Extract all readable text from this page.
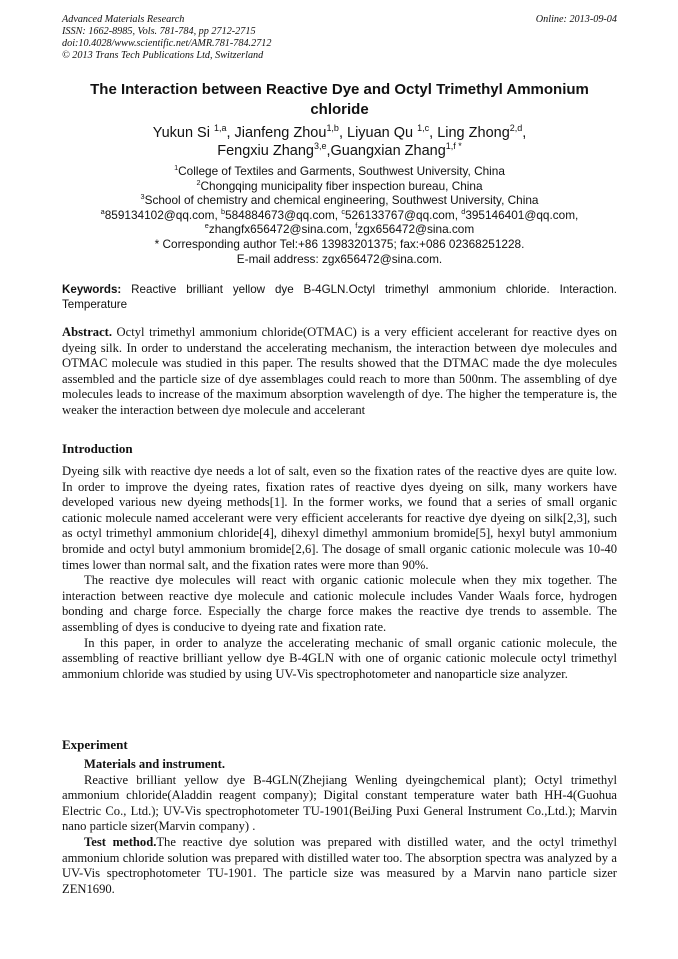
Advanced Materials Research
ISSN: 1662-8985, Vols. 781-784, pp 2712-2715
doi:10.4028/www.scientific.net/AMR.781-784.2712
© 2013 Trans Tech Publications Ltd, Switzerland
Online: 2013-09-04
The Interaction between Reactive Dye and Octyl Trimethyl Ammonium chloride
Yukun Si $^{1,a}$, Jianfeng Zhou$^{1,b}$, Liyuan Qu $^{1,c}$, Ling Zhong$^{2,d}$,
Fengxiu Zhang$^{3,e}$,Guangxian Zhang$^{1,f *}$
$^1$College of Textiles and Garments, Southwest University, China
$^2$Chongqing municipality fiber inspection bureau, China
$^3$School of chemistry and chemical engineering, Southwest University, China
$^a$859134102@qq.com, $^b$584884673@qq.com, $^c$526133767@qq.com, $^d$395146401@qq.com,
$^e$zhangfx656472@sina.com, $^f$zgx656472@sina.com
* Corresponding author Tel:+86 13983201375; fax:+086 02368251228.
E-mail address: zgx656472@sina.com.
Keywords: Reactive brilliant yellow dye B-4GLN.Octyl trimethyl ammonium chloride. Interaction. Temperature
Abstract. Octyl trimethyl ammonium chloride(OTMAC) is a very efficient accelerant for reactive dyes on dyeing silk. In order to understand the accelerating mechanism, the interaction between dye molecules and OTMAC molecule was studied in this paper. The results showed that the DTMAC made the dye molecules assembled and the particle size of dye assemblages could reach to more than 500nm. The assembling of dye molecules leads to increase of the maximum absorption wavelength of dye. The higher the temperature is, the weaker the interaction between dye molecule and accelerant
Introduction

Dyeing silk with reactive dye needs a lot of salt, even so the fixation rates of the reactive dyes are quite low. In order to improve the dyeing rates, fixation rates of reactive dyes dyeing on silk, many workers have developed various new dyeing methods[1]. In the former works, we found that a series of small organic cationic molecule named accelerant were very efficient accelerants for reactive dye dyeing on silk[2,3], such as octyl trimethyl ammonium chloride[4], dihexyl dimethyl ammonium bromide[5], hexyl butyl ammonium bromide and octyl butyl ammonium bromide[2,6]. The dosage of small organic cationic molecule was 10-40 times lower than normal salt, and the fixation rates were more than 90%.

The reactive dye molecules will react with organic cationic molecule when they mix together. The interaction between reactive dye molecule and cationic molecule includes Vander Waals force, hydrogen bonding and charge force. Especially the charge force makes the reactive dye trends to assemble. The assembling of dyes is conducive to dyeing rate and fixation rate.

In this paper, in order to analyze the accelerating mechanic of small organic cationic molecule, the assembling of reactive brilliant yellow dye B-4GLN with one of organic cationic molecule octyl trimethyl ammonium chloride was studied by using UV-Vis spectrophotometer and nanoparticle size analyzer.

Experiment

Materials and instrument.

Reactive brilliant yellow dye B-4GLN(Zhejiang Wenling dyeingchemical plant); Octyl trimethyl ammonium chloride(Aladdin reagent company); Digital constant temperature water bath HH-4(Guohua Electric Co., Ltd.); UV-Vis spectrophotometer TU-1901(BeiJing Puxi General Instrument Co.,Ltd.); Marvin nano particle sizer(Marvin company) .

Test method.The reactive dye solution was prepared with distilled water, and the octyl trimethyl ammonium chloride solution was prepared with distilled water too. The absorption spectra was analyzed by a UV-Vis spectrophotometer TU-1901. The particle size was measured by a Marvin nano particle sizer ZEN1690.
